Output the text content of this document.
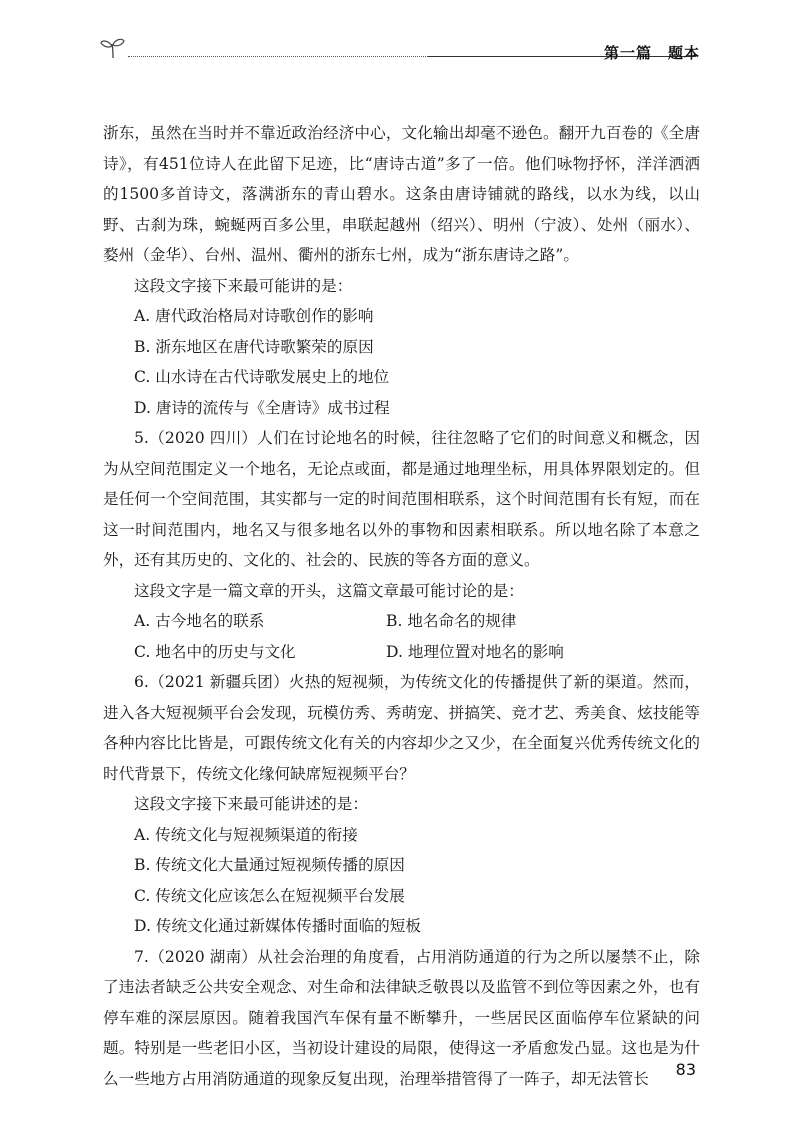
第一篇　题本

浙东，虽然在当时并不靠近政治经济中心，文化输出却毫不逊色。翻开九百卷的《全唐诗》，有451位诗人在此留下足迹，比“唐诗古道”多了一倍。他们咏物抒怀，洋洋洒洒的1500多首诗文，落满浙东的青山碧水。这条由唐诗铺就的路线，以水为线，以山野、古刹为珠，蜿蜒两百多公里，串联起越州（绍兴）、明州（宁波）、处州（丽水）、婺州（金华）、台州、温州、衢州的浙东七州，成为“浙东唐诗之路”。

这段文字接下来最可能讲的是：

A. 唐代政治格局对诗歌创作的影响

B. 浙东地区在唐代诗歌繁荣的原因

C. 山水诗在古代诗歌发展史上的地位

D. 唐诗的流传与《全唐诗》成书过程

5.（2020 四川）人们在讨论地名的时候，往往忽略了它们的时间意义和概念，因为从空间范围定义一个地名，无论点或面，都是通过地理坐标，用具体界限划定的。但是任何一个空间范围，其实都与一定的时间范围相联系，这个时间范围有长有短，而在这一时间范围内，地名又与很多地名以外的事物和因素相联系。所以地名除了本意之外，还有其历史的、文化的、社会的、民族的等各方面的意义。

这段文字是一篇文章的开头，这篇文章最可能讨论的是：

A. 古今地名的联系	B. 地名命名的规律
C. 地名中的历史与文化	D. 地理位置对地名的影响

6.（2021 新疆兵团）火热的短视频，为传统文化的传播提供了新的渠道。然而，进入各大短视频平台会发现，玩模仿秀、秀萌宠、拼搞笑、竞才艺、秀美食、炫技能等各种内容比比皆是，可跟传统文化有关的内容却少之又少，在全面复兴优秀传统文化的时代背景下，传统文化缘何缺席短视频平台？

这段文字接下来最可能讲述的是：

A. 传统文化与短视频渠道的衔接

B. 传统文化大量通过短视频传播的原因

C. 传统文化应该怎么在短视频平台发展

D. 传统文化通过新媒体传播时面临的短板

7.（2020 湖南）从社会治理的角度看，占用消防通道的行为之所以屡禁不止，除了违法者缺乏公共安全观念、对生命和法律缺乏敬畏以及监管不到位等因素之外，也有停车难的深层原因。随着我国汽车保有量不断攀升，一些居民区面临停车位紧缺的问题。特别是一些老旧小区，当初设计建设的局限，使得这一矛盾愈发凸显。这也是为什么一些地方占用消防通道的现象反复出现，治理举措管得了一阵子，却无法管长	83
